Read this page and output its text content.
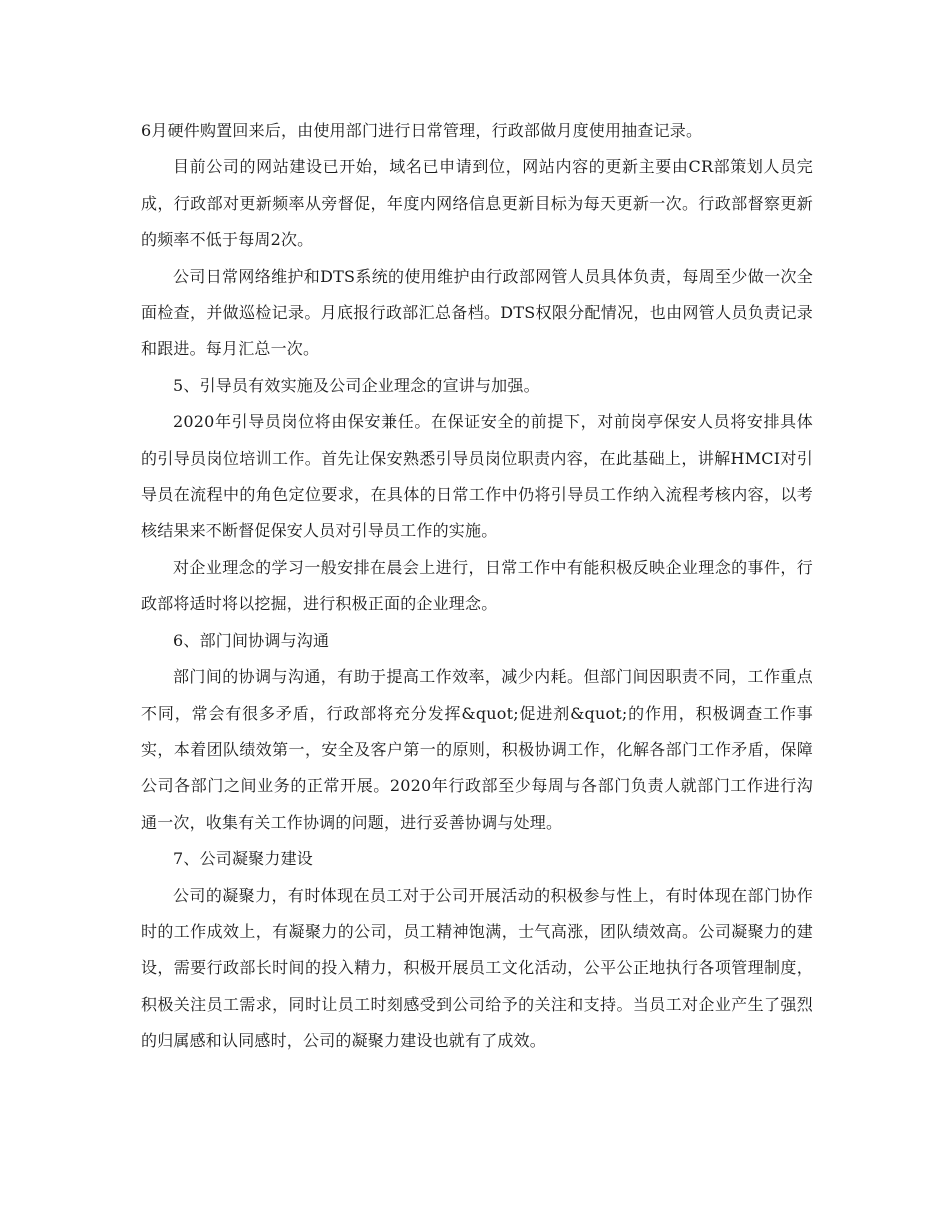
6月硬件购置回来后，由使用部门进行日常管理，行政部做月度使用抽查记录。

目前公司的网站建设已开始，域名已申请到位，网站内容的更新主要由CR部策划人员完成，行政部对更新频率从旁督促，年度内网络信息更新目标为每天更新一次。行政部督察更新的频率不低于每周2次。

公司日常网络维护和DTS系统的使用维护由行政部网管人员具体负责，每周至少做一次全面检查，并做巡检记录。月底报行政部汇总备档。DTS权限分配情况，也由网管人员负责记录和跟进。每月汇总一次。

5、引导员有效实施及公司企业理念的宣讲与加强。

2020年引导员岗位将由保安兼任。在保证安全的前提下，对前岗亭保安人员将安排具体的引导员岗位培训工作。首先让保安熟悉引导员岗位职责内容，在此基础上，讲解HMCI对引导员在流程中的角色定位要求，在具体的日常工作中仍将引导员工作纳入流程考核内容，以考核结果来不断督促保安人员对引导员工作的实施。

对企业理念的学习一般安排在晨会上进行，日常工作中有能积极反映企业理念的事件，行政部将适时将以挖掘，进行积极正面的企业理念。

6、部门间协调与沟通

部门间的协调与沟通，有助于提高工作效率，减少内耗。但部门间因职责不同，工作重点不同，常会有很多矛盾，行政部将充分发挥&quot;促进剂&quot;的作用，积极调查工作事实，本着团队绩效第一，安全及客户第一的原则，积极协调工作，化解各部门工作矛盾，保障公司各部门之间业务的正常开展。2020年行政部至少每周与各部门负责人就部门工作进行沟通一次，收集有关工作协调的问题，进行妥善协调与处理。

7、公司凝聚力建设

公司的凝聚力，有时体现在员工对于公司开展活动的积极参与性上，有时体现在部门协作时的工作成效上，有凝聚力的公司，员工精神饱满，士气高涨，团队绩效高。公司凝聚力的建设，需要行政部长时间的投入精力，积极开展员工文化活动，公平公正地执行各项管理制度，积极关注员工需求，同时让员工时刻感受到公司给予的关注和支持。当员工对企业产生了强烈的归属感和认同感时，公司的凝聚力建设也就有了成效。
